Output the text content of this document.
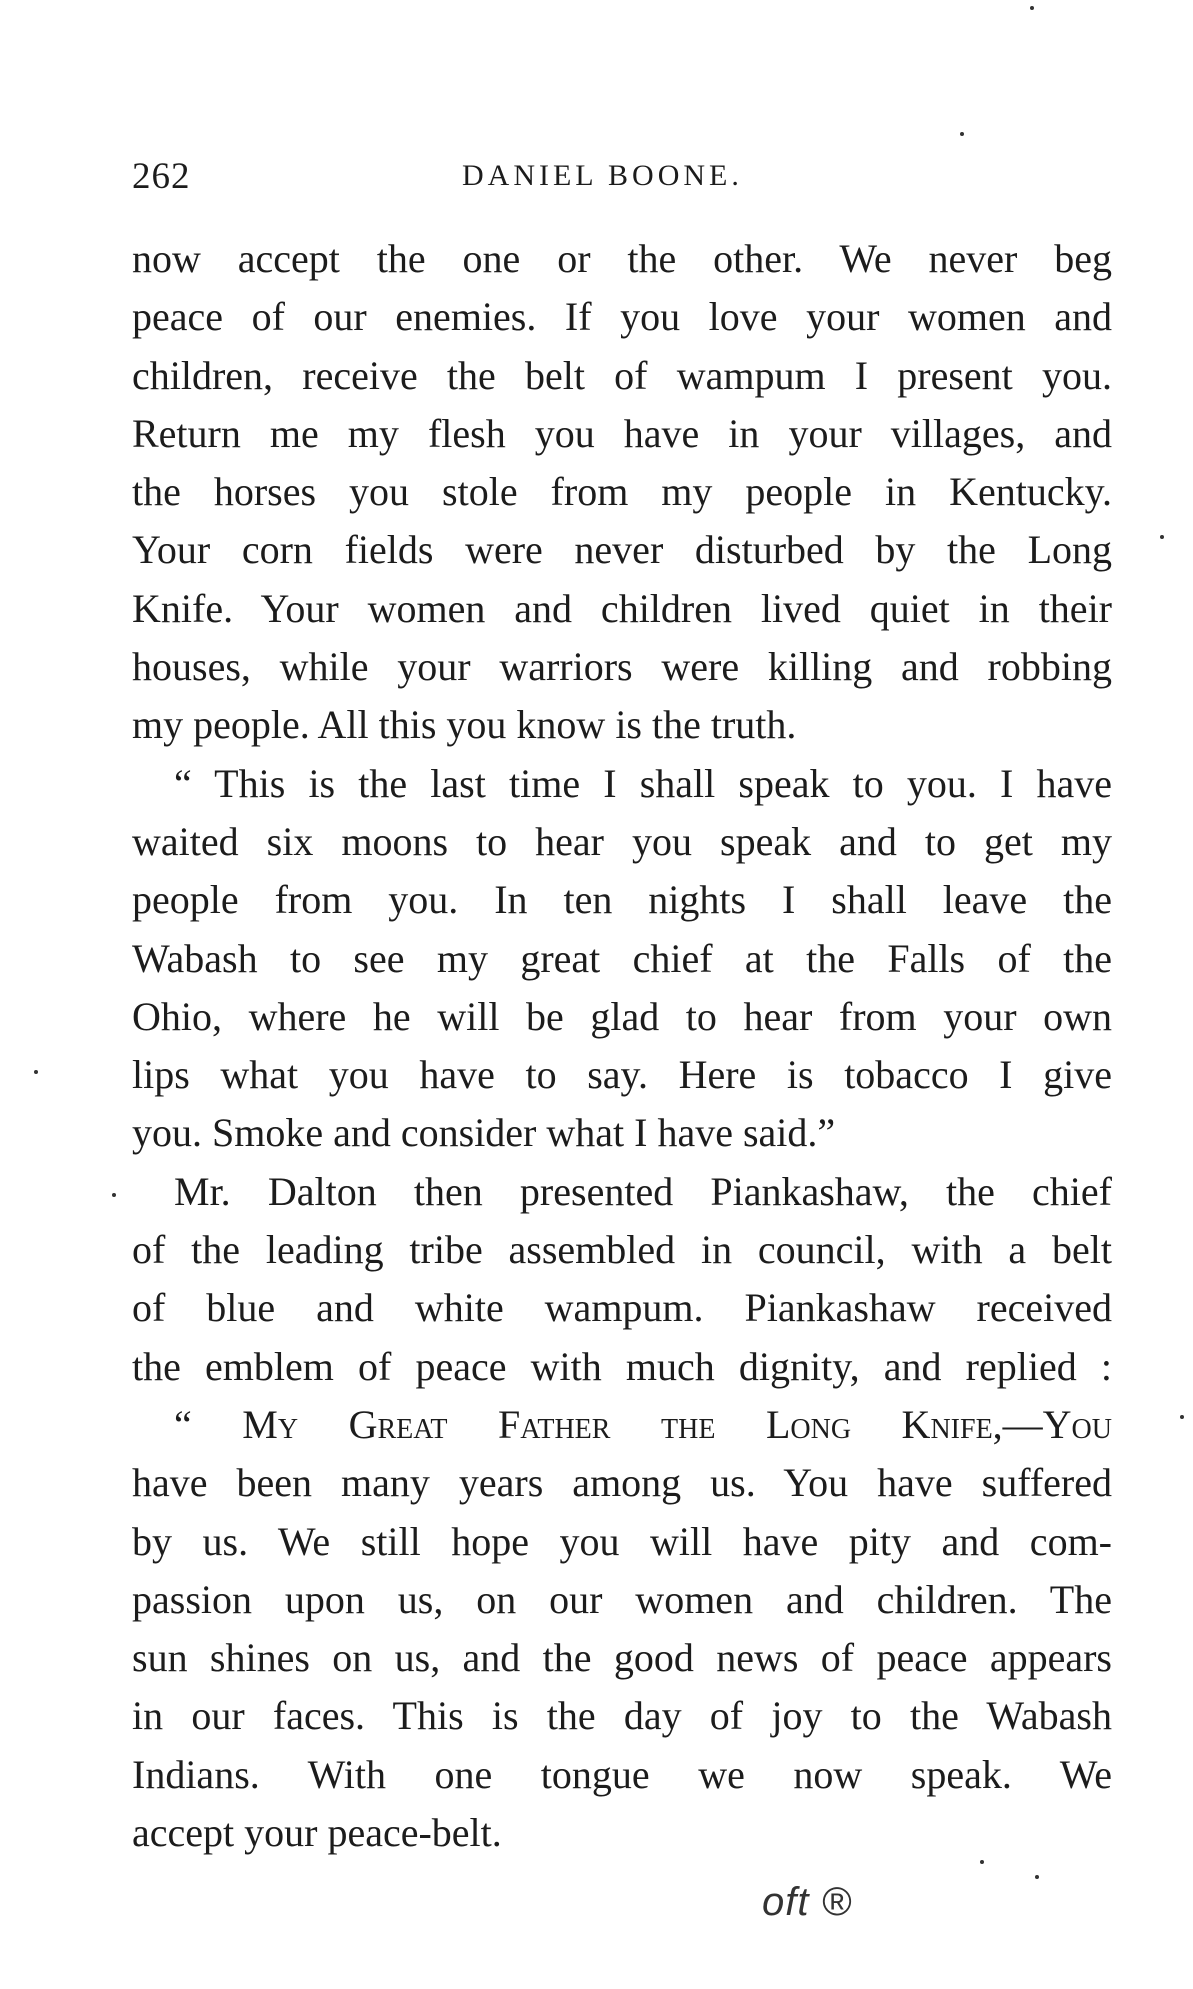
262	DANIEL BOONE.
now accept the one or the other. We never beg
peace of our enemies. If you love your women and
children, receive the belt of wampum I present you.
Return me my flesh you have in your villages, and
the horses you stole from my people in Kentucky.
Your corn fields were never disturbed by the Long
Knife. Your women and children lived quiet in their
houses, while your warriors were killing and robbing
my people. All this you know is the truth.
“ This is the last time I shall speak to you. I have
waited six moons to hear you speak and to get my
people from you. In ten nights I shall leave the
Wabash to see my great chief at the Falls of the
Ohio, where he will be glad to hear from your own
lips what you have to say. Here is tobacco I give
you. Smoke and consider what I have said.”
Mr. Dalton then presented Piankashaw, the chief
of the leading tribe assembled in council, with a belt
of blue and white wampum. Piankashaw received
the emblem of peace with much dignity, and replied :
“ My Great Father the Long Knife,—You
have been many years among us. You have suffered
by us. We still hope you will have pity and com-
passion upon us, on our women and children. The
sun shines on us, and the good news of peace appears
in our faces. This is the day of joy to the Wabash
Indians. With one tongue we now speak. We
accept your peace-belt.
oft ®
